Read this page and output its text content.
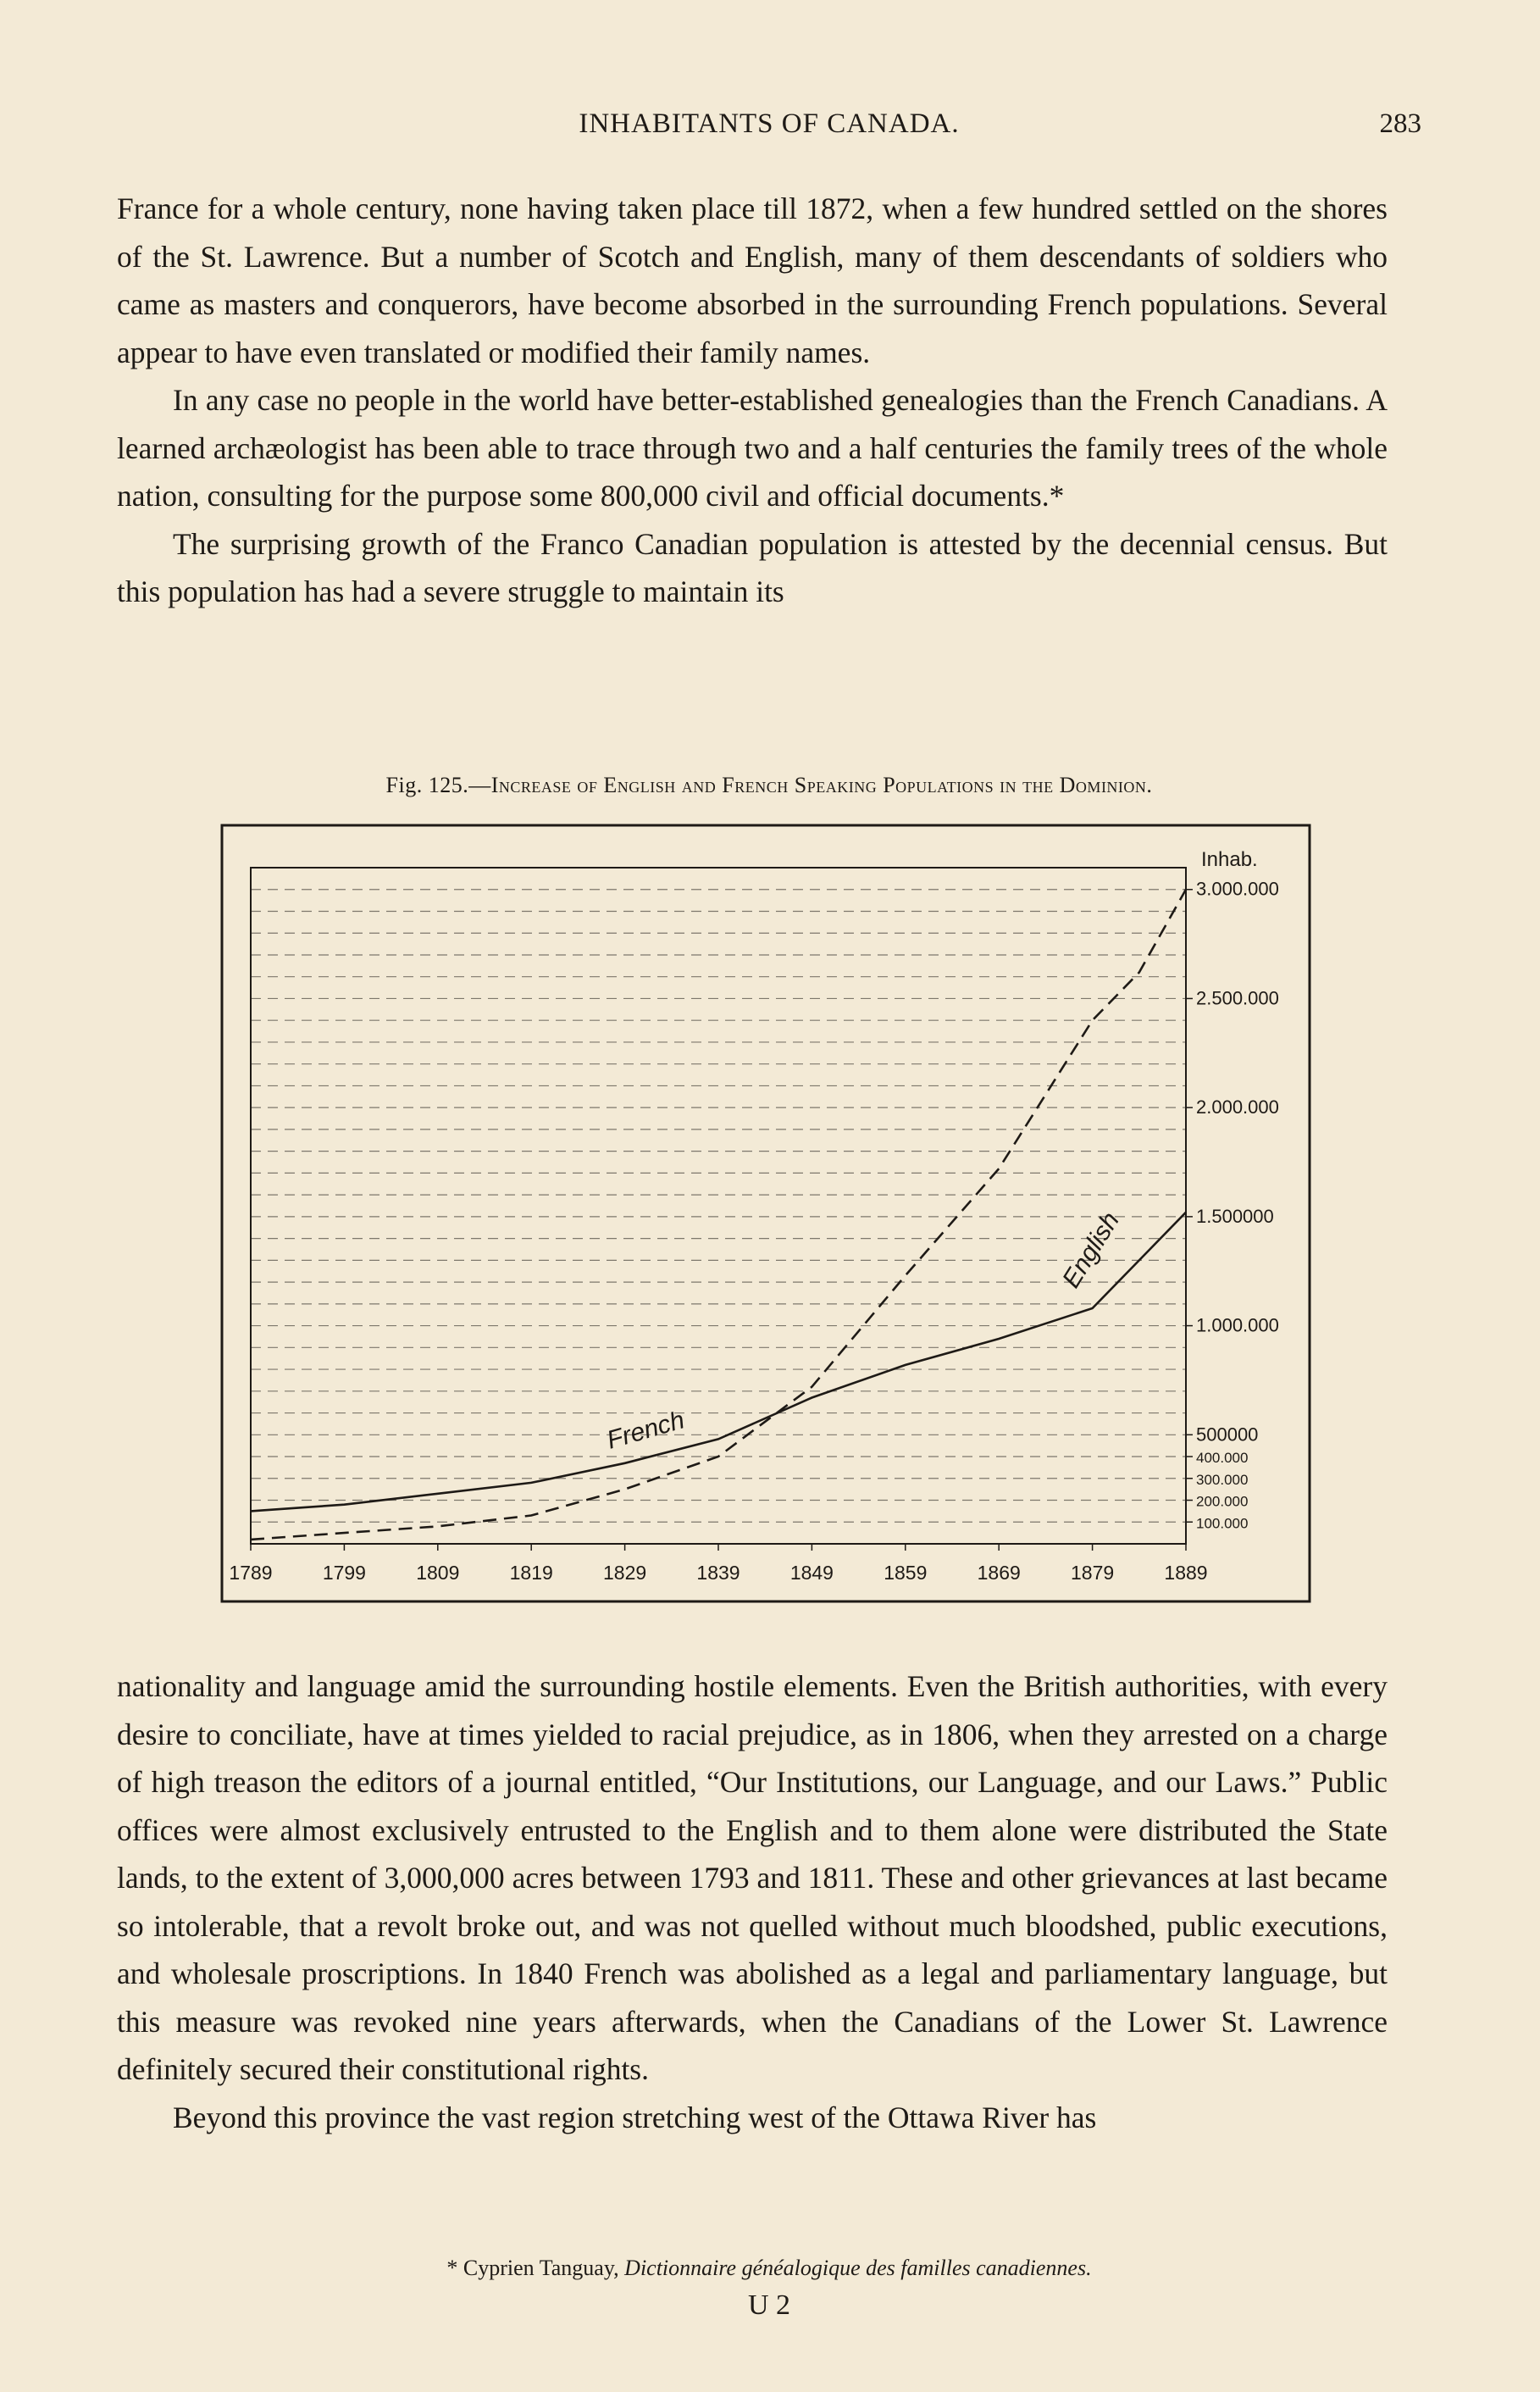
INHABITANTS OF CANADA.	283

France for a whole century, none having taken place till 1872, when a few hundred settled on the shores of the St. Lawrence. But a number of Scotch and English, many of them descendants of soldiers who came as masters and conquerors, have become absorbed in the surrounding French populations. Several appear to have even translated or modified their family names.

In any case no people in the world have better-established genealogies than the French Canadians. A learned archæologist has been able to trace through two and a half centuries the family trees of the whole nation, consulting for the purpose some 800,000 civil and official documents.*

The surprising growth of the Franco Canadian population is attested by the decennial census. But this population has had a severe struggle to maintain its

Fig. 125.—Increase of English and French Speaking Populations in the Dominion.
3.000.000
2.500.000
2.000.000
1.500000
1.000.000
500000
400.000
300.000
200.000
100.000
1789	1799	1809	1819	1829	1839	1849	1859	1869	1879	1889
Inhab.
French
English

nationality and language amid the surrounding hostile elements. Even the British authorities, with every desire to conciliate, have at times yielded to racial prejudice, as in 1806, when they arrested on a charge of high treason the editors of a journal entitled, “Our Institutions, our Language, and our Laws.” Public offices were almost exclusively entrusted to the English and to them alone were distributed the State lands, to the extent of 3,000,000 acres between 1793 and 1811. These and other grievances at last became so intolerable, that a revolt broke out, and was not quelled without much bloodshed, public executions, and wholesale proscriptions. In 1840 French was abolished as a legal and parliamentary language, but this measure was revoked nine years afterwards, when the Canadians of the Lower St. Lawrence definitely secured their constitutional rights.

Beyond this province the vast region stretching west of the Ottawa River has

* Cyprien Tanguay, Dictionnaire généalogique des familles canadiennes.
U 2
